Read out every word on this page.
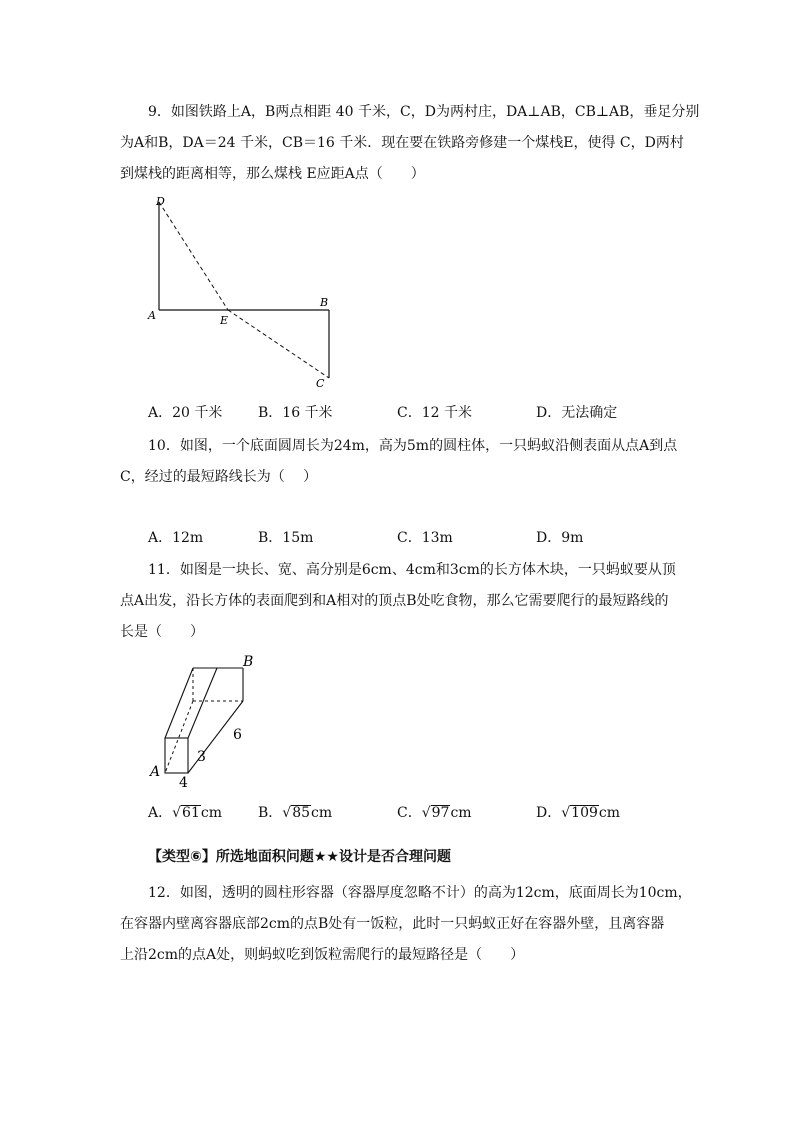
9．如图铁路上A，B两点相距 40 千米，C，D为两村庄，DA⊥AB，CB⊥AB，垂足分别
为A和B，DA＝24 千米，CB＝16 千米．现在要在铁路旁修建一个煤栈E，使得 C，D两村
到煤栈的距离相等，那么煤栈 E应距A点（　　）
D
A	E
B
C
A．20 千米	B．16 千米	C．12 千米	D．无法确定
10．如图，一个底面圆周长为24m，高为5m的圆柱体，一只蚂蚁沿侧表面从点A到点
C，经过的最短路线长为（　 ）
A．12m	B．15m	C．13m	D．9m
11．如图是一块长、宽、高分别是6cm、4cm和3cm的长方体木块，一只蚂蚁要从顶
点A出发，沿长方体的表面爬到和A相对的顶点B处吃食物，那么它需要爬行的最短路线的
长是（　　）
B
A
6
3
4
A．√61cm	B．√85cm	C．√97cm	D．√109cm
【类型⑥】所选地面积问题★★设计是否合理问题
12．如图，透明的圆柱形容器（容器厚度忽略不计）的高为12cm，底面周长为10cm，
在容器内壁离容器底部2cm的点B处有一饭粒，此时一只蚂蚁正好在容器外壁，且离容器
上沿2cm的点A处，则蚂蚁吃到饭粒需爬行的最短路径是（　　）
